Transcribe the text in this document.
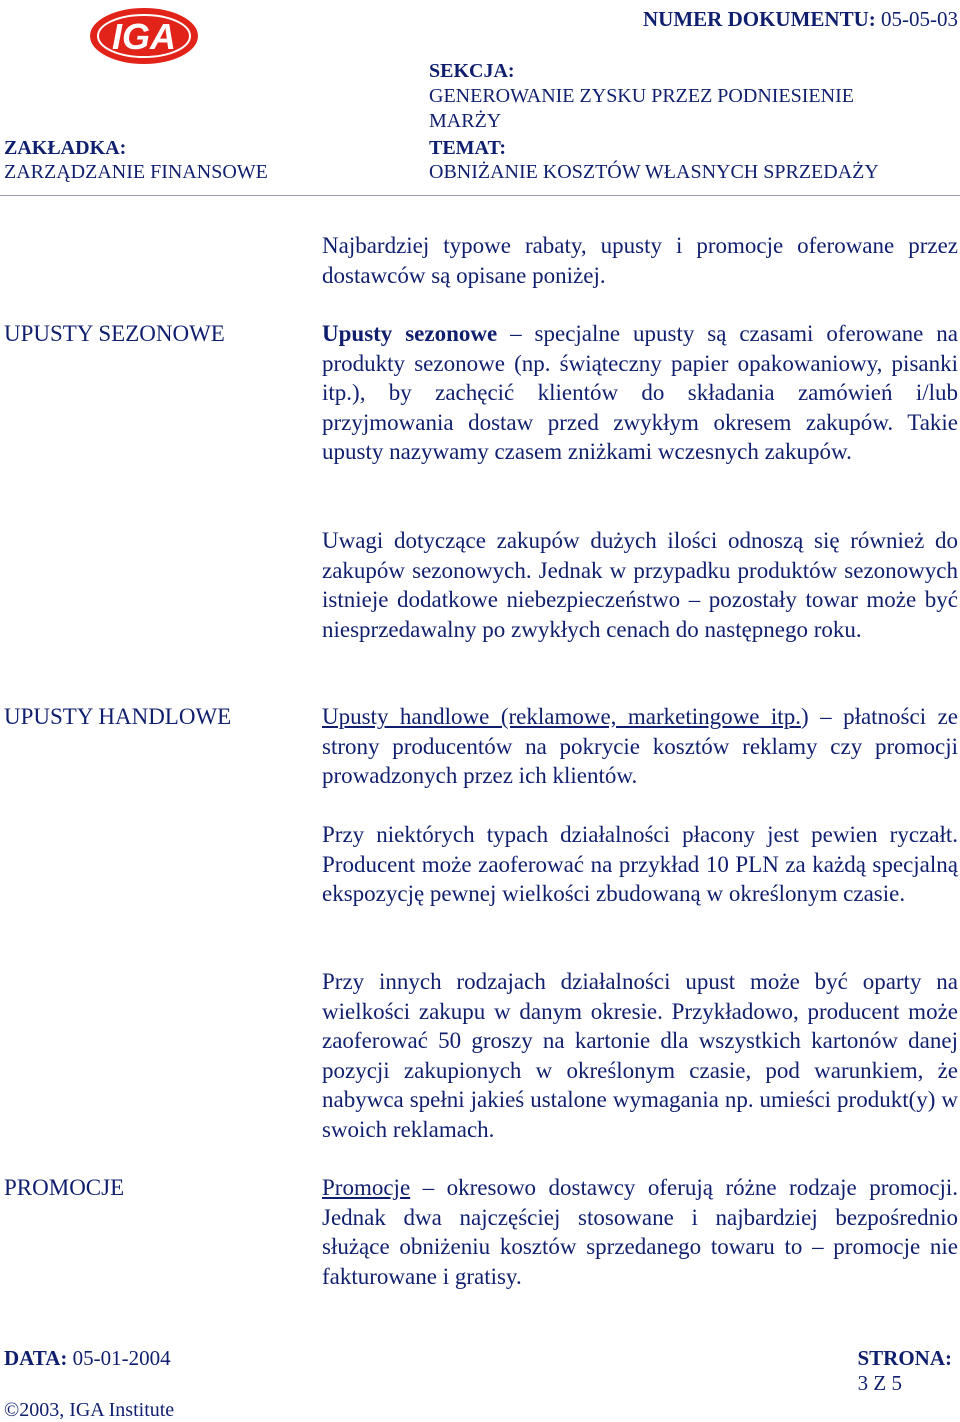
IGA	NUMER DOKUMENTU: 05-05-03
SEKCJA:
GENEROWANIE ZYSKU PRZEZ PODNIESIENIE
MARŻY
ZAKŁADKA:
ZARZĄDZANIE FINANSOWE
TEMAT:
OBNIŻANIE KOSZTÓW WŁASNYCH SPRZEDAŻY
Najbardziej typowe rabaty, upusty i promocje oferowane przez dostawców są opisane poniżej.
UPUSTY SEZONOWE	Upusty sezonowe – specjalne upusty są czasami oferowane na produkty sezonowe (np. świąteczny papier opakowaniowy, pisanki itp.), by zachęcić klientów do składania zamówień i/lub przyjmowania dostaw przed zwykłym okresem zakupów. Takie upusty nazywamy czasem zniżkami wczesnych zakupów.
Uwagi dotyczące zakupów dużych ilości odnoszą się również do zakupów sezonowych. Jednak w przypadku produktów sezonowych istnieje dodatkowe niebezpieczeństwo – pozostały towar może być niesprzedawalny po zwykłych cenach do następnego roku.
UPUSTY HANDLOWE	Upusty handlowe (reklamowe, marketingowe itp.) – płatności ze strony producentów na pokrycie kosztów reklamy czy promocji prowadzonych przez ich klientów.
Przy niektórych typach działalności płacony jest pewien ryczałt. Producent może zaoferować na przykład 10 PLN za każdą specjalną ekspozycję pewnej wielkości zbudowaną w określonym czasie.
Przy innych rodzajach działalności upust może być oparty na wielkości zakupu w danym okresie. Przykładowo, producent może zaoferować 50 groszy na kartonie dla wszystkich kartonów danej pozycji zakupionych w określonym czasie, pod warunkiem, że nabywca spełni jakieś ustalone wymagania np. umieści produkt(y) w swoich reklamach.
PROMOCJE	Promocje – okresowo dostawcy oferują różne rodzaje promocji. Jednak dwa najczęściej stosowane i najbardziej bezpośrednio służące obniżeniu kosztów sprzedanego towaru to – promocje nie fakturowane i gratisy.
DATA: 05-01-2004	STRONA:
3 Z 5
©2003, IGA Institute
